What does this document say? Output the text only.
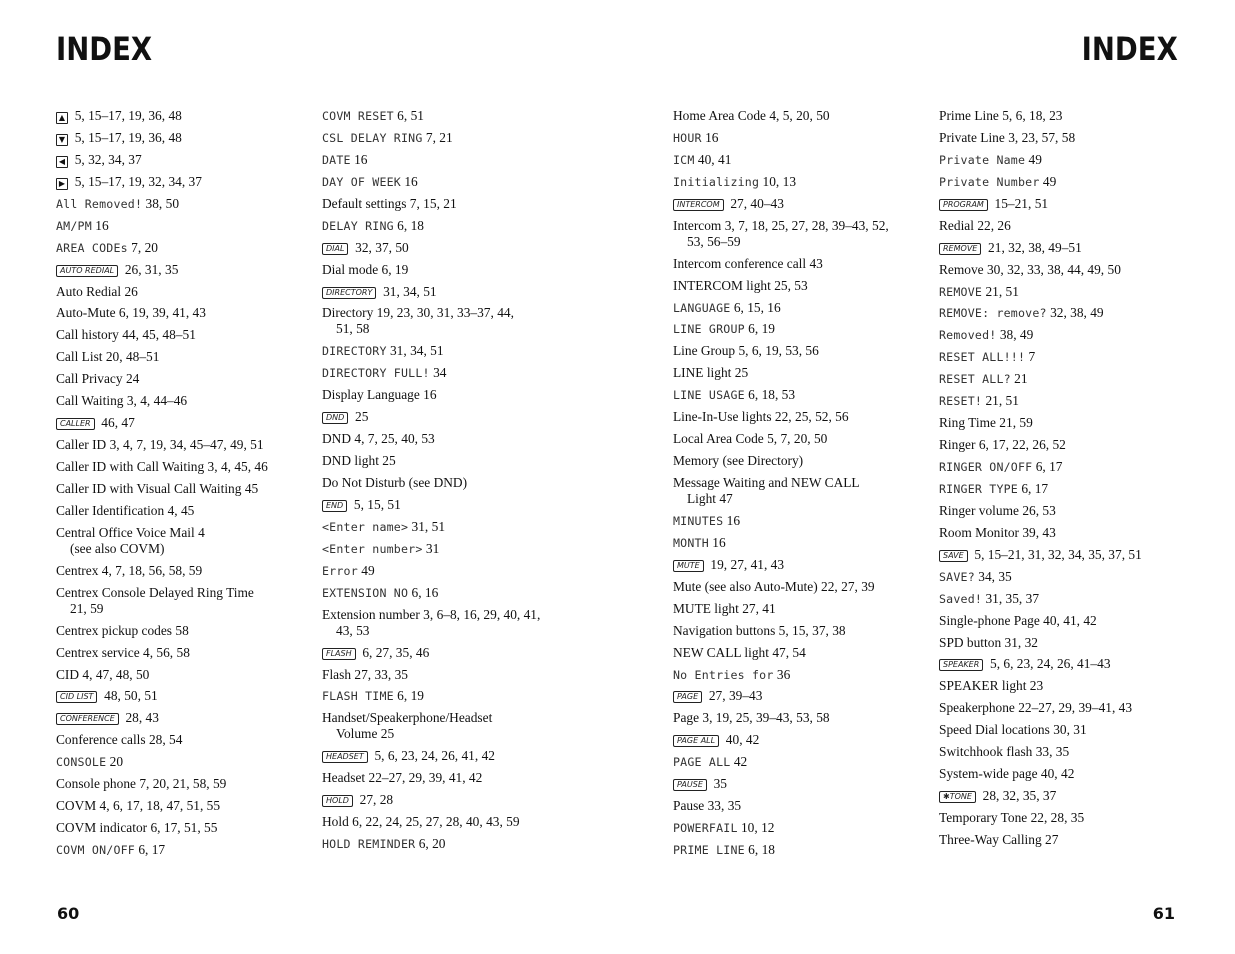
INDEX	INDEX
▲ 5, 15–17, 19, 36, 48
▼ 5, 15–17, 19, 36, 48
◀ 5, 32, 34, 37
▶ 5, 15–17, 19, 32, 34, 37
All Removed! 38, 50
AM/PM 16
AREA CODEs 7, 20
AUTO REDIAL 26, 31, 35
Auto Redial 26
Auto-Mute 6, 19, 39, 41, 43
Call history 44, 45, 48–51
Call List 20, 48–51
Call Privacy 24
Call Waiting 3, 4, 44–46
CALLER 46, 47
Caller ID 3, 4, 7, 19, 34, 45–47, 49, 51
Caller ID with Call Waiting 3, 4, 45, 46
Caller ID with Visual Call Waiting 45
Caller Identification 4, 45
Central Office Voice Mail 4
(see also COVM)
Centrex 4, 7, 18, 56, 58, 59
Centrex Console Delayed Ring Time
21, 59
Centrex pickup codes 58
Centrex service 4, 56, 58
CID 4, 47, 48, 50
CID LIST 48, 50, 51
CONFERENCE 28, 43
Conference calls 28, 54
CONSOLE 20
Console phone 7, 20, 21, 58, 59
COVM 4, 6, 17, 18, 47, 51, 55
COVM indicator 6, 17, 51, 55
COVM ON/OFF 6, 17
COVM RESET 6, 51
CSL DELAY RING 7, 21
DATE 16
DAY OF WEEK 16
Default settings 7, 15, 21
DELAY RING 6, 18
DIAL 32, 37, 50
Dial mode 6, 19
DIRECTORY 31, 34, 51
Directory 19, 23, 30, 31, 33–37, 44,
51, 58
DIRECTORY 31, 34, 51
DIRECTORY FULL! 34
Display Language 16
DND 25
DND 4, 7, 25, 40, 53
DND light 25
Do Not Disturb (see DND)
END 5, 15, 51
<Enter name> 31, 51
<Enter number> 31
Error 49
EXTENSION NO 6, 16
Extension number 3, 6–8, 16, 29, 40, 41,
43, 53
FLASH 6, 27, 35, 46
Flash 27, 33, 35
FLASH TIME 6, 19
Handset/Speakerphone/Headset
Volume 25
HEADSET 5, 6, 23, 24, 26, 41, 42
Headset 22–27, 29, 39, 41, 42
HOLD 27, 28
Hold 6, 22, 24, 25, 27, 28, 40, 43, 59
HOLD REMINDER 6, 20
Home Area Code 4, 5, 20, 50
HOUR 16
ICM 40, 41
Initializing 10, 13
INTERCOM 27, 40–43
Intercom 3, 7, 18, 25, 27, 28, 39–43, 52,
53, 56–59
Intercom conference call 43
INTERCOM light 25, 53
LANGUAGE 6, 15, 16
LINE GROUP 6, 19
Line Group 5, 6, 19, 53, 56
LINE light 25
LINE USAGE 6, 18, 53
Line-In-Use lights 22, 25, 52, 56
Local Area Code 5, 7, 20, 50
Memory (see Directory)
Message Waiting and NEW CALL
Light 47
MINUTES 16
MONTH 16
MUTE 19, 27, 41, 43
Mute (see also Auto-Mute) 22, 27, 39
MUTE light 27, 41
Navigation buttons 5, 15, 37, 38
NEW CALL light 47, 54
No Entries for 36
PAGE 27, 39–43
Page 3, 19, 25, 39–43, 53, 58
PAGE ALL 40, 42
PAGE ALL 42
PAUSE 35
Pause 33, 35
POWERFAIL 10, 12
PRIME LINE 6, 18
Prime Line 5, 6, 18, 23
Private Line 3, 23, 57, 58
Private Name 49
Private Number 49
PROGRAM 15–21, 51
Redial 22, 26
REMOVE 21, 32, 38, 49–51
Remove 30, 32, 33, 38, 44, 49, 50
REMOVE 21, 51
REMOVE: remove? 32, 38, 49
Removed! 38, 49
RESET ALL!!! 7
RESET ALL? 21
RESET! 21, 51
Ring Time 21, 59
Ringer 6, 17, 22, 26, 52
RINGER ON/OFF 6, 17
RINGER TYPE 6, 17
Ringer volume 26, 53
Room Monitor 39, 43
SAVE 5, 15–21, 31, 32, 34, 35, 37, 51
SAVE? 34, 35
Saved! 31, 35, 37
Single-phone Page 40, 41, 42
SPD button 31, 32
SPEAKER 5, 6, 23, 24, 26, 41–43
SPEAKER light 23
Speakerphone 22–27, 29, 39–41, 43
Speed Dial locations 30, 31
Switchhook flash 33, 35
System-wide page 40, 42
✱TONE 28, 32, 35, 37
Temporary Tone 22, 28, 35
Three-Way Calling 27
60	61
